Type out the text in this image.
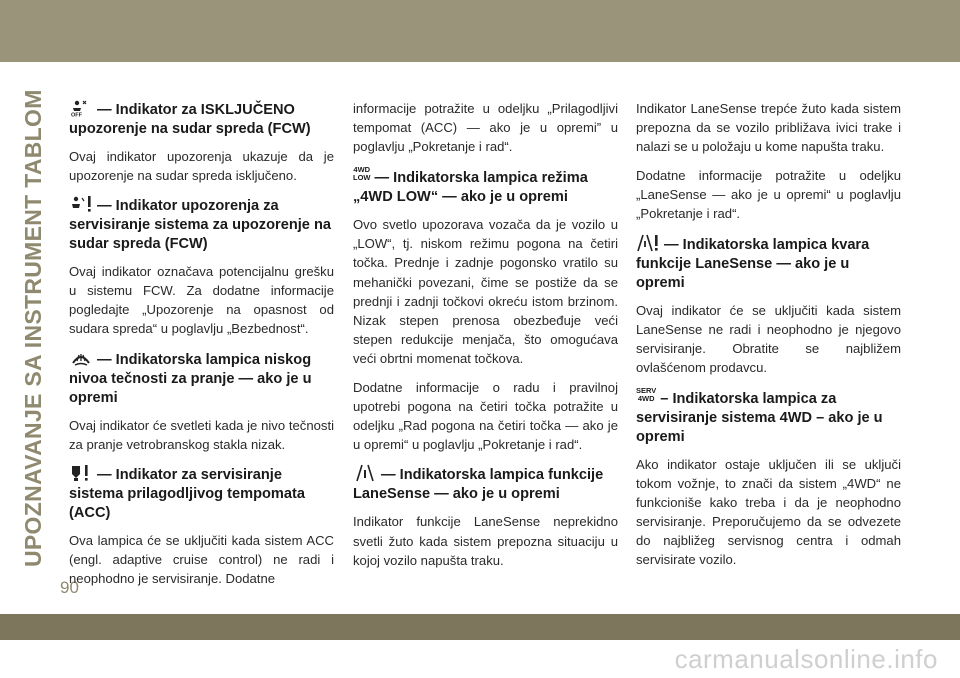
UPOZNAVANJE SA INSTRUMENT TABLOM
90
OFF — Indikator za ISKLJUČENO upozorenje na sudar spreda (FCW)

Ovaj indikator upozorenja ukazuje da je upozorenje na sudar spreda isključeno.

— Indikator upozorenja za servisiranje sistema za upozorenje na sudar spreda (FCW)

Ovaj indikator označava potencijalnu grešku u sistemu FCW. Za dodatne informacije pogledajte „Upozorenje na opasnost od sudara spreda“ u poglavlju „Bezbednost“.

— Indikatorska lampica niskog nivoa tečnosti za pranje — ako je u opremi

Ovaj indikator će svetleti kada je nivo tečnosti za pranje vetrobranskog stakla nizak.

— Indikator za servisiranje sistema prilagodljivog tempomata (ACC)

Ova lampica će se uključiti kada sistem ACC (engl. adaptive cruise control) ne radi i neophodno je servisiranje. Dodatne

informacije potražite u odeljku „Prilagodljivi tempomat (ACC) — ako je u opremi” u poglavlju „Pokretanje i rad“.

4WD
LOW — Indikatorska lampica režima „4WD LOW“ — ako je u opremi

Ovo svetlo upozorava vozača da je vozilo u „LOW“, tj. niskom režimu pogona na četiri točka. Prednje i zadnje pogonsko vratilo su mehanički povezani, čime se postiže da se prednji i zadnji točkovi okreću istom brzinom. Nizak stepen prenosa obezbeđuje veći stepen redukcije menjača, što omogućava veći obrtni momenat točkova.

Dodatne informacije o radu i pravilnoj upotrebi pogona na četiri točka potražite u odeljku „Rad pogona na četiri točka — ako je u opremi“ u poglavlju „Pokretanje i rad“.

— Indikatorska lampica funkcije LaneSense — ako je u opremi

Indikator funkcije LaneSense neprekidno svetli žuto kada sistem prepozna situaciju u kojoj vozilo napušta traku.

Indikator LaneSense trepće žuto kada sistem prepozna da se vozilo približava ivici trake i nalazi se u položaju u kome napušta traku.

Dodatne informacije potražite u odeljku „LaneSense — ako je u opremi“ u poglavlju „Pokretanje i rad“.

— Indikatorska lampica kvara funkcije LaneSense — ako je u opremi

Ovaj indikator će se uključiti kada sistem LaneSense ne radi i neophodno je njegovo servisiranje. Obratite se najbližem ovlašćenom prodavcu.

SERV
4WD – Indikatorska lampica za servisiranje sistema 4WD – ako je u opremi

Ako indikator ostaje uključen ili se uključi tokom vožnje, to znači da sistem „4WD“ ne funkcioniše kako treba i da je neophodno servisiranje. Preporučujemo da se odvezete do najbližeg servisnog centra i odmah servisirate vozilo.

carmanualsonline.info
